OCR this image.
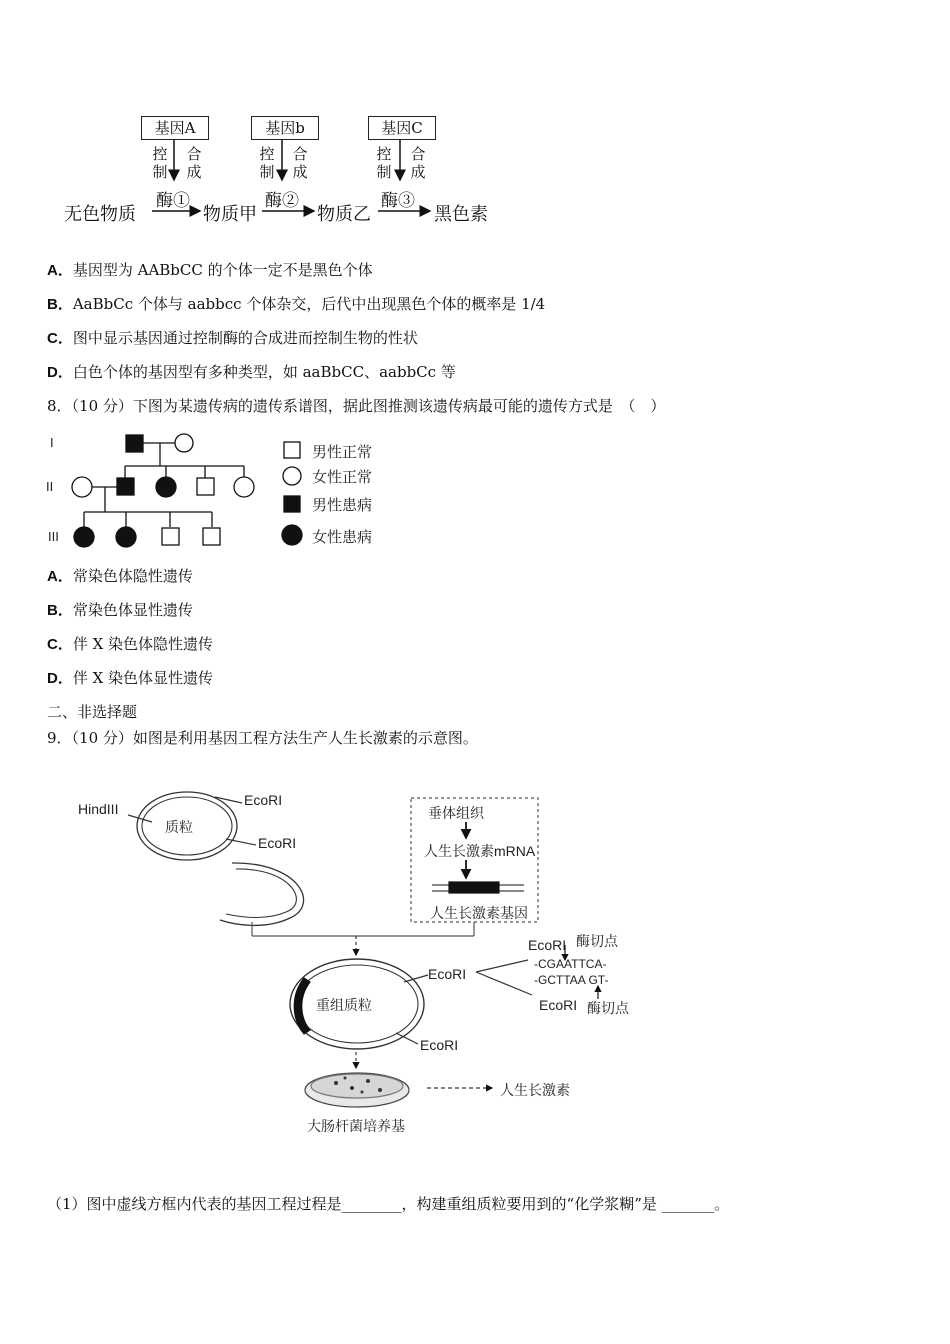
基因A	基因b	基因C
控
制
合
成
控
制
合
成
控
制
合
成
无色物质
酶①
物质甲
酶②
物质乙
酶③
黑色素
A．基因型为 AABbCC 的个体一定不是黑色个体
B．AaBbCc 个体与 aabbcc 个体杂交，后代中出现黑色个体的概率是 1/4
C．图中显示基因通过控制酶的合成进而控制生物的性状
D．白色个体的基因型有多种类型，如 aaBbCC、aabbCc 等
8．（10 分）下图为某遗传病的遗传系谱图，据此图推测该遗传病最可能的遗传方式是　（　）
I
II
III
男性正常
女性正常
男性患病
女性患病
A．常染色体隐性遗传
B．常染色体显性遗传
C．伴 X 染色体隐性遗传
D．伴 X 染色体显性遗传
二、非选择题
9．（10 分）如图是利用基因工程方法生产人生长激素的示意图。
HindIII
质粒
EcoRI
EcoRI
垂体组织
人生长激素mRNA
人生长激素基因
EcoRI 酶切点
-CGAATTCA-
-GCTTAA GT-
EcoRI
EcoRI 酶切点
重组质粒
EcoRI
人生长激素
大肠杆菌培养基
（1）图中虚线方框内代表的基因工程过程是________，构建重组质粒要用到的“化学浆糊”是 _______。
